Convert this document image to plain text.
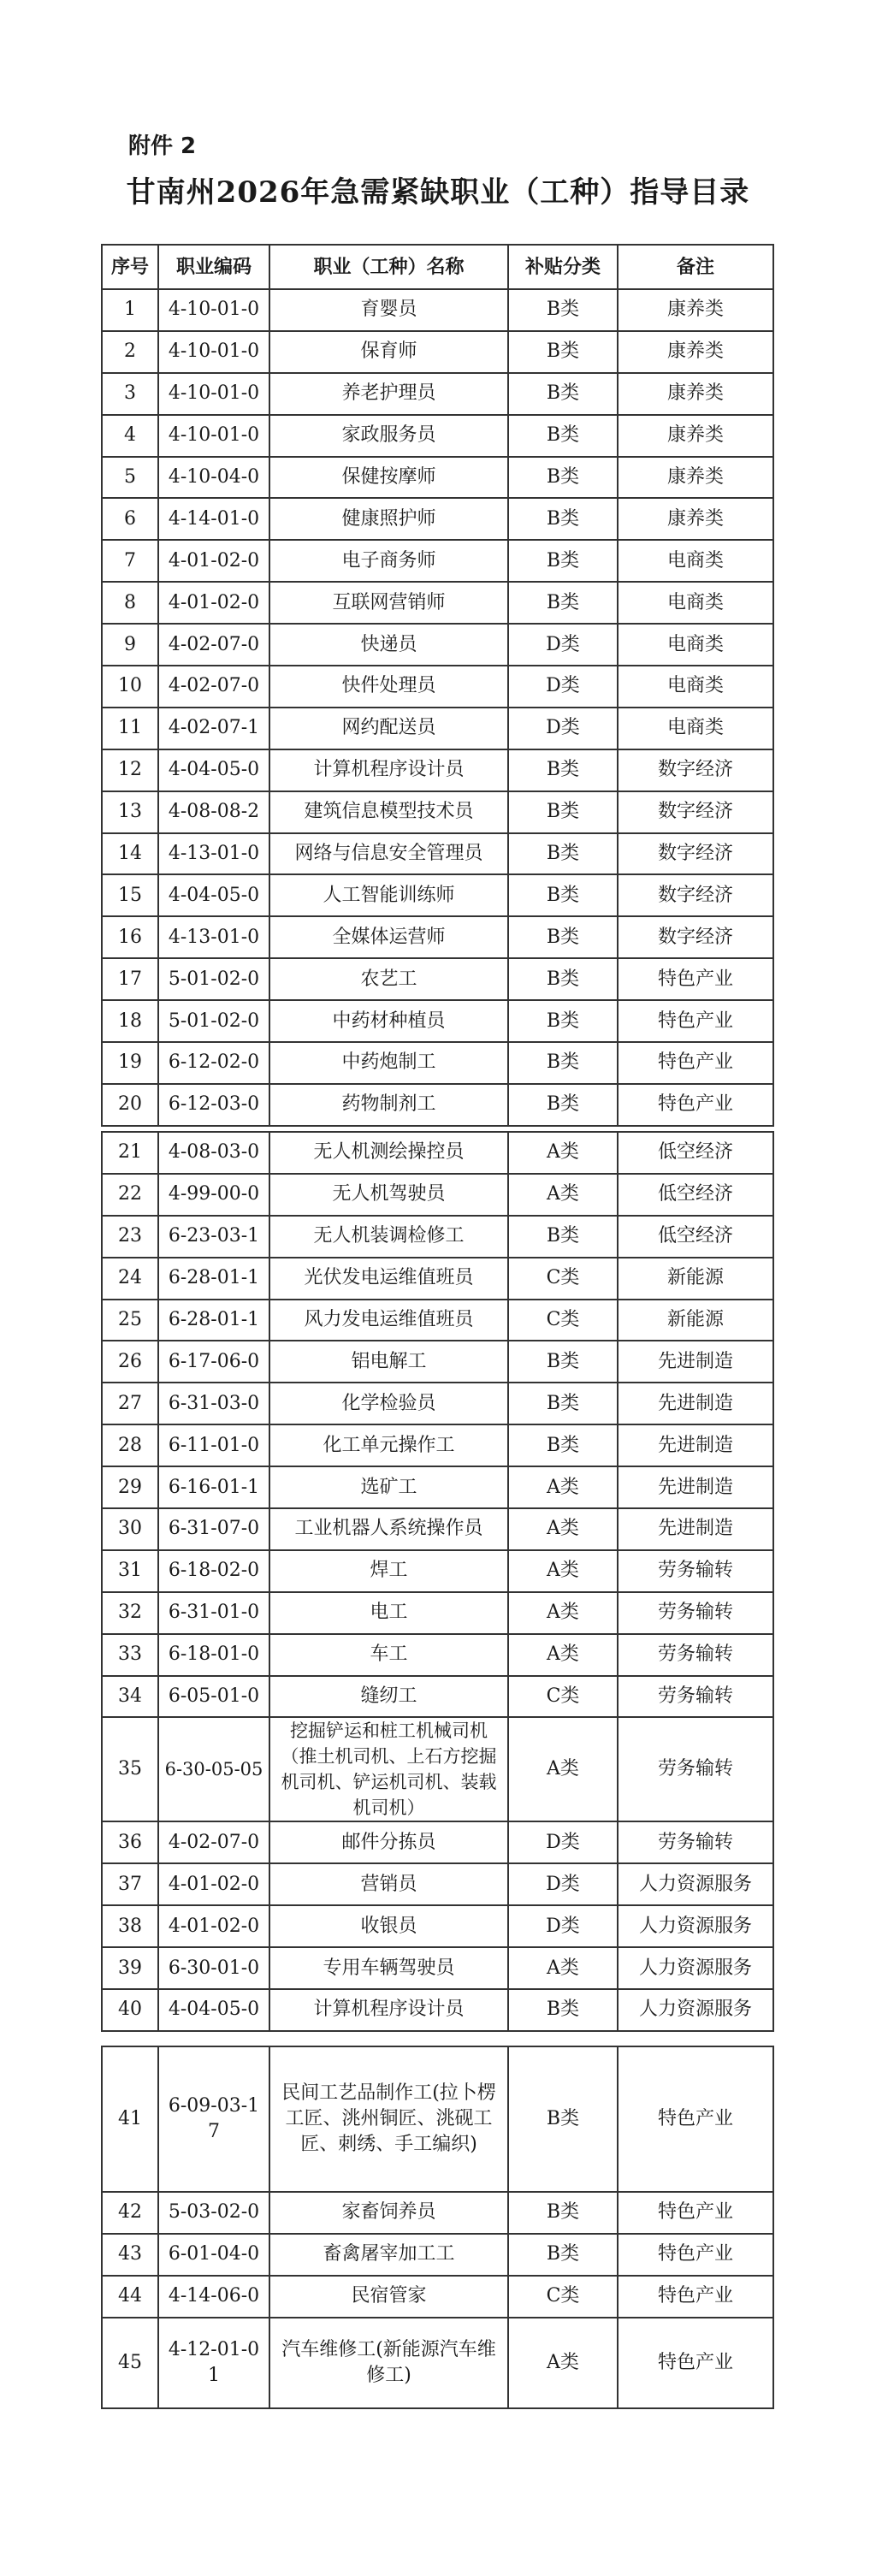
附件 2
甘南州2026年急需紧缺职业（工种）指导目录
序号	职业编码	职业（工种）名称	补贴分类	备注
1	4-10-01-0	育婴员	B类	康养类
2	4-10-01-0	保育师	B类	康养类
3	4-10-01-0	养老护理员	B类	康养类
4	4-10-01-0	家政服务员	B类	康养类
5	4-10-04-0	保健按摩师	B类	康养类
6	4-14-01-0	健康照护师	B类	康养类
7	4-01-02-0	电子商务师	B类	电商类
8	4-01-02-0	互联网营销师	B类	电商类
9	4-02-07-0	快递员	D类	电商类
10	4-02-07-0	快件处理员	D类	电商类
11	4-02-07-1	网约配送员	D类	电商类
12	4-04-05-0	计算机程序设计员	B类	数字经济
13	4-08-08-2	建筑信息模型技术员	B类	数字经济
14	4-13-01-0	网络与信息安全管理员	B类	数字经济
15	4-04-05-0	人工智能训练师	B类	数字经济
16	4-13-01-0	全媒体运营师	B类	数字经济
17	5-01-02-0	农艺工	B类	特色产业
18	5-01-02-0	中药材种植员	B类	特色产业
19	6-12-02-0	中药炮制工	B类	特色产业
20	6-12-03-0	药物制剂工	B类	特色产业
21	4-08-03-0	无人机测绘操控员	A类	低空经济
22	4-99-00-0	无人机驾驶员	A类	低空经济
23	6-23-03-1	无人机装调检修工	B类	低空经济
24	6-28-01-1	光伏发电运维值班员	C类	新能源
25	6-28-01-1	风力发电运维值班员	C类	新能源
26	6-17-06-0	铝电解工	B类	先进制造
27	6-31-03-0	化学检验员	B类	先进制造
28	6-11-01-0	化工单元操作工	B类	先进制造
29	6-16-01-1	选矿工	A类	先进制造
30	6-31-07-0	工业机器人系统操作员	A类	先进制造
31	6-18-02-0	焊工	A类	劳务输转
32	6-31-01-0	电工	A类	劳务输转
33	6-18-01-0	车工	A类	劳务输转
34	6-05-01-0	缝纫工	C类	劳务输转
35	6-30-05-05	挖掘铲运和桩工机械司机（推土机司机、上石方挖掘机司机、铲运机司机、装载机司机）	A类	劳务输转
36	4-02-07-0	邮件分拣员	D类	劳务输转
37	4-01-02-0	营销员	D类	人力资源服务
38	4-01-02-0	收银员	D类	人力资源服务
39	6-30-01-0	专用车辆驾驶员	A类	人力资源服务
40	4-04-05-0	计算机程序设计员	B类	人力资源服务
41	6-09-03-17	民间工艺品制作工(拉卜楞工匠、洮州铜匠、洮砚工匠、刺绣、手工编织)	B类	特色产业
42	5-03-02-0	家畜饲养员	B类	特色产业
43	6-01-04-0	畜禽屠宰加工工	B类	特色产业
44	4-14-06-0	民宿管家	C类	特色产业
45	4-12-01-01	汽车维修工(新能源汽车维修工)	A类	特色产业
